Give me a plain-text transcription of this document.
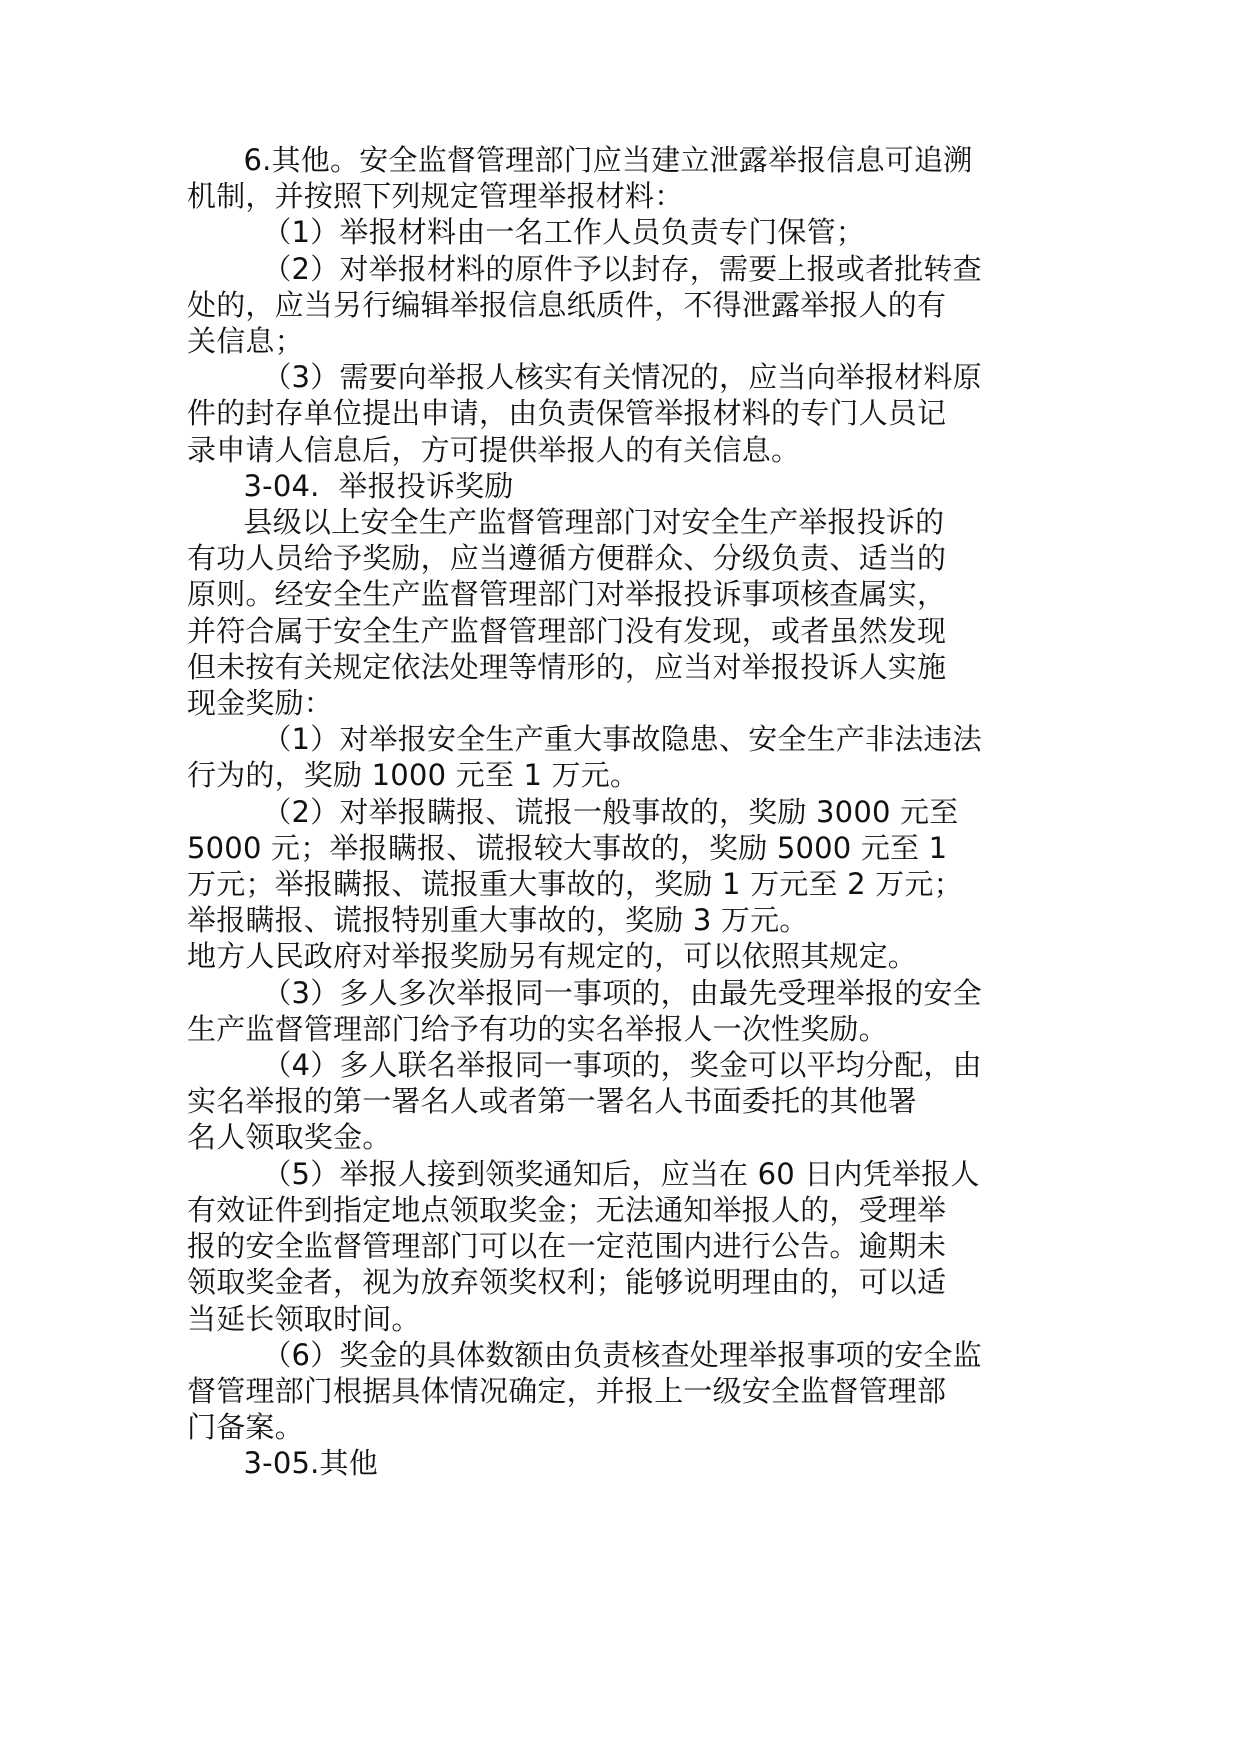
6.其他。安全监督管理部门应当建立泄露举报信息可追溯
机制，并按照下列规定管理举报材料：
（1）举报材料由一名工作人员负责专门保管；
（2）对举报材料的原件予以封存，需要上报或者批转查
处的，应当另行编辑举报信息纸质件，不得泄露举报人的有
关信息；
（3）需要向举报人核实有关情况的，应当向举报材料原
件的封存单位提出申请，由负责保管举报材料的专门人员记
录申请人信息后，方可提供举报人的有关信息。
3-04.  举报投诉奖励
县级以上安全生产监督管理部门对安全生产举报投诉的
有功人员给予奖励，应当遵循方便群众、分级负责、适当的
原则。经安全生产监督管理部门对举报投诉事项核查属实，
并符合属于安全生产监督管理部门没有发现，或者虽然发现
但未按有关规定依法处理等情形的，应当对举报投诉人实施
现金奖励：
（1）对举报安全生产重大事故隐患、安全生产非法违法
行为的，奖励 1000 元至 1 万元。
（2）对举报瞒报、谎报一般事故的，奖励 3000 元至
5000 元；举报瞒报、谎报较大事故的，奖励 5000 元至 1
万元；举报瞒报、谎报重大事故的，奖励 1 万元至 2 万元；
举报瞒报、谎报特别重大事故的，奖励 3 万元。
地方人民政府对举报奖励另有规定的，可以依照其规定。
（3）多人多次举报同一事项的，由最先受理举报的安全
生产监督管理部门给予有功的实名举报人一次性奖励。
（4）多人联名举报同一事项的，奖金可以平均分配，由
实名举报的第一署名人或者第一署名人书面委托的其他署
名人领取奖金。
（5）举报人接到领奖通知后，应当在 60 日内凭举报人
有效证件到指定地点领取奖金；无法通知举报人的，受理举
报的安全监督管理部门可以在一定范围内进行公告。逾期未
领取奖金者，视为放弃领奖权利；能够说明理由的，可以适
当延长领取时间。
（6）奖金的具体数额由负责核查处理举报事项的安全监
督管理部门根据具体情况确定，并报上一级安全监督管理部
门备案。
3-05.其他
